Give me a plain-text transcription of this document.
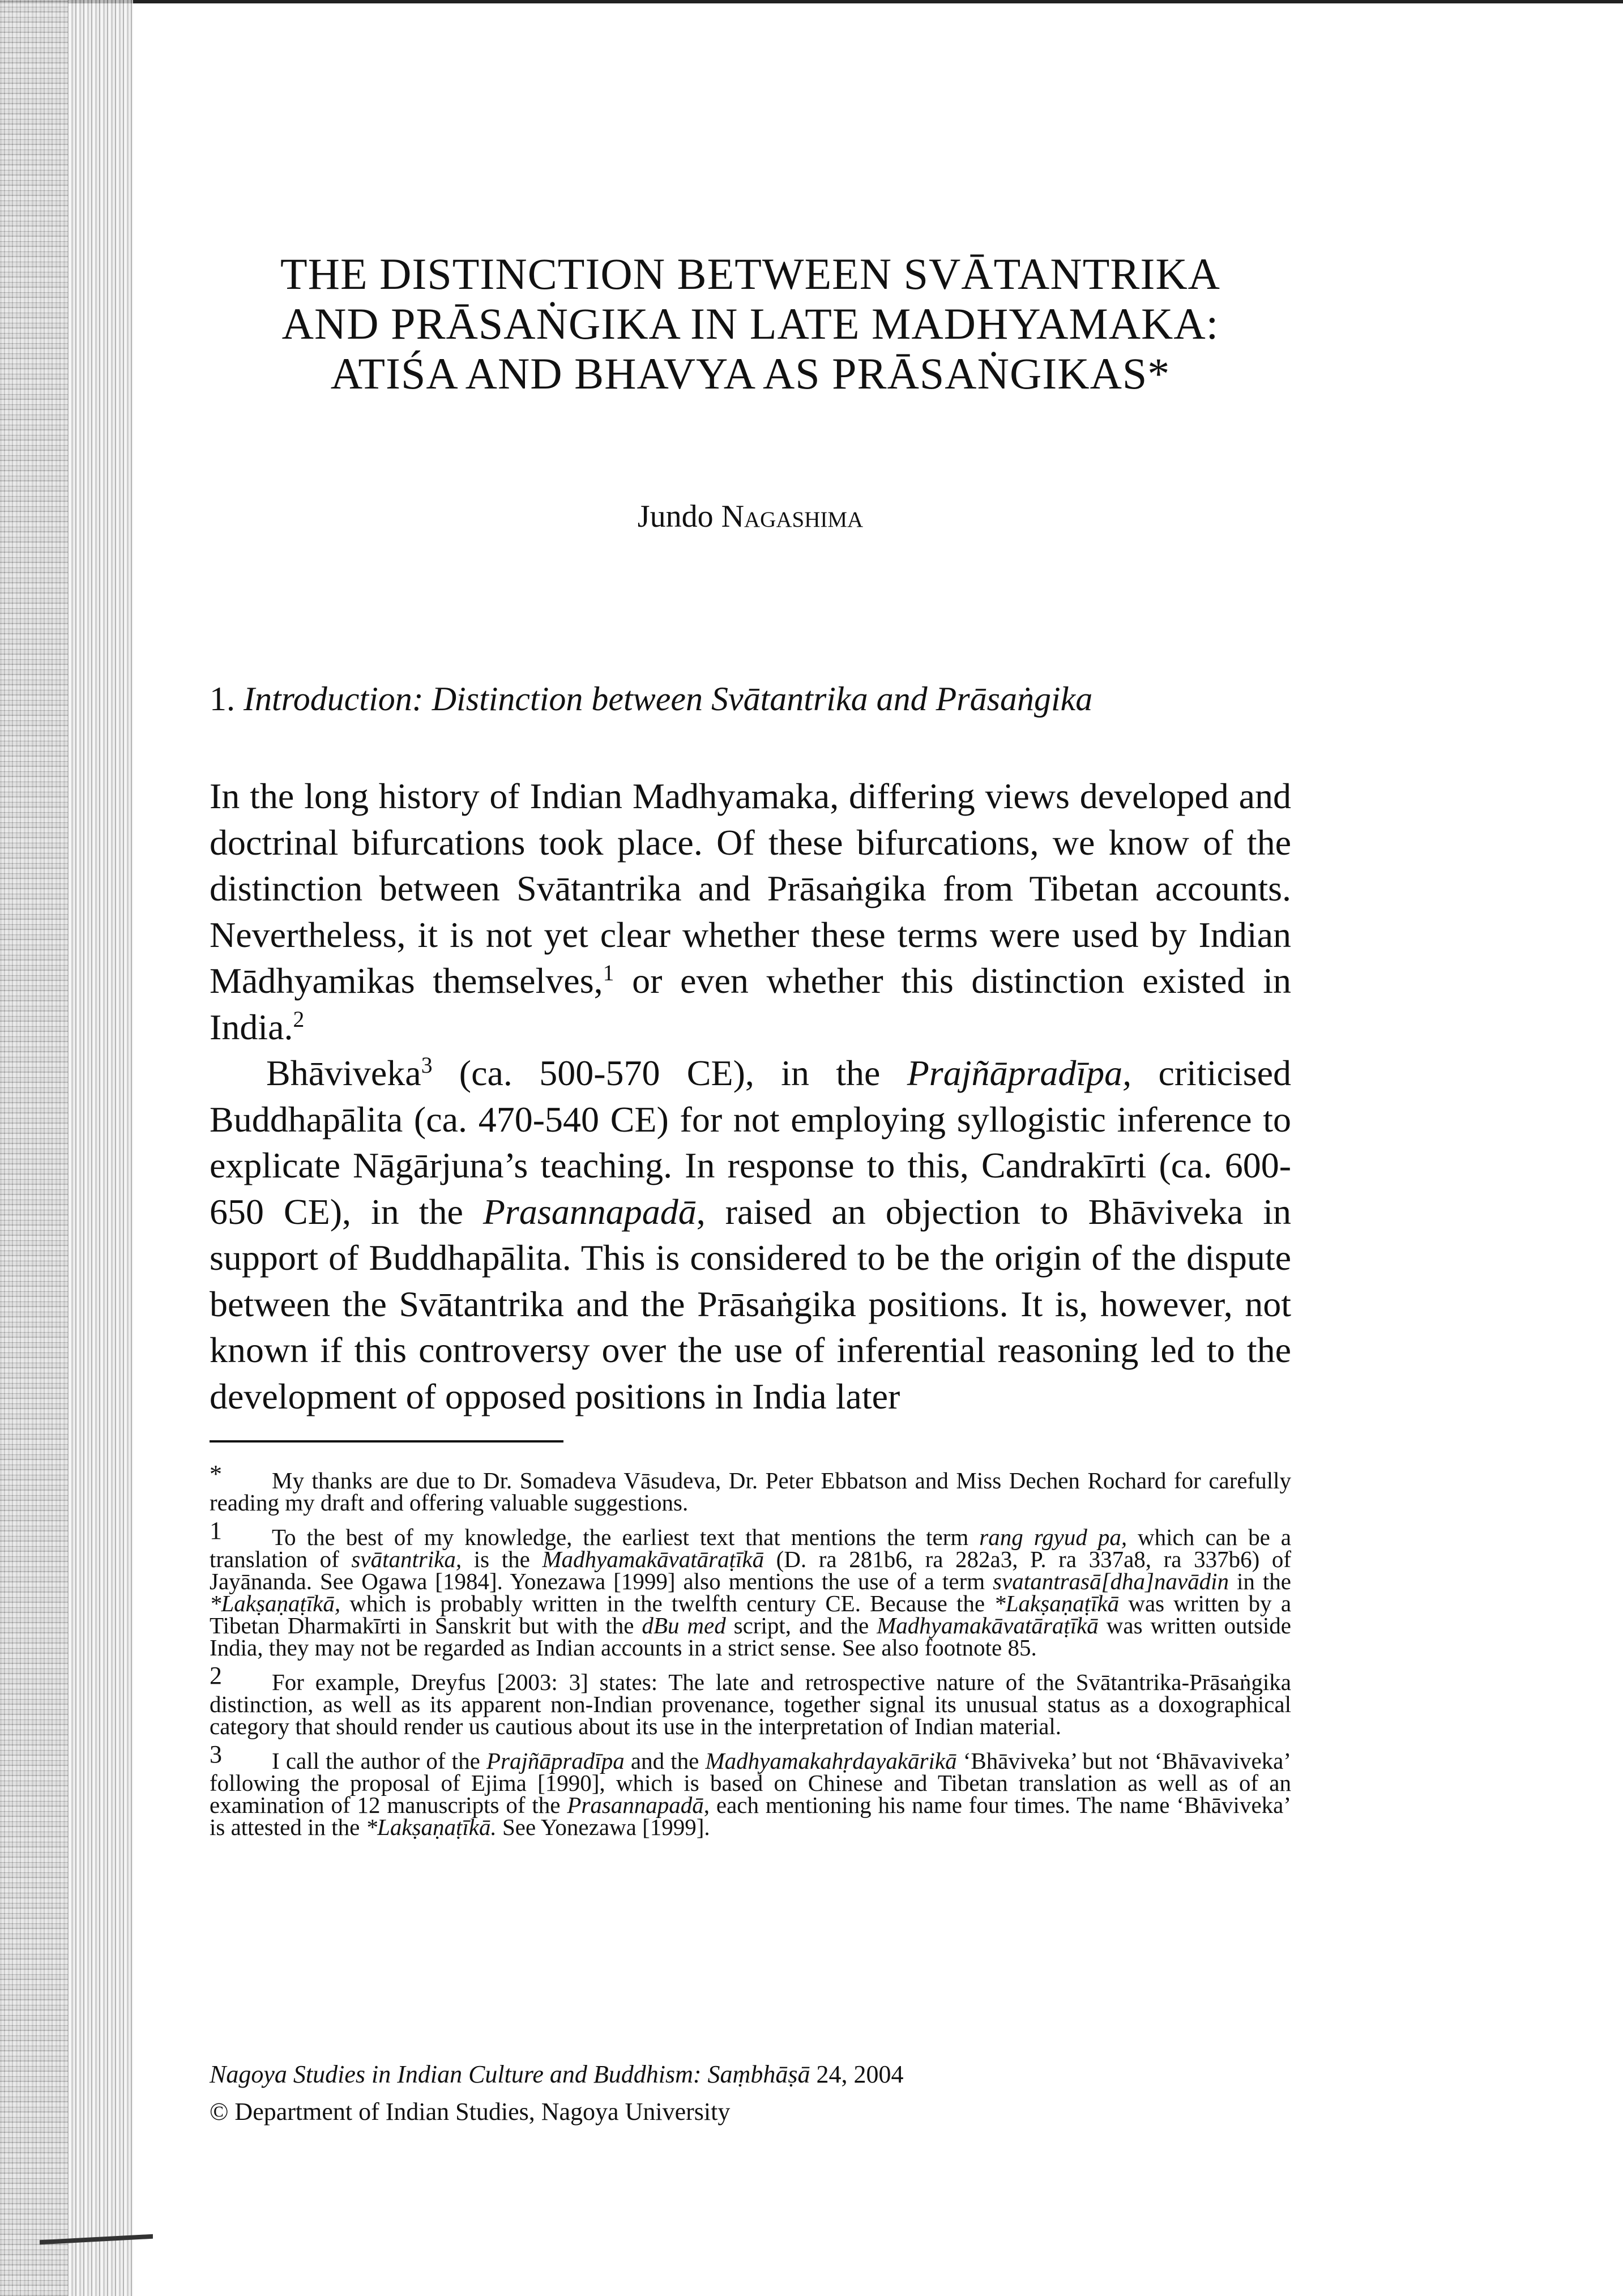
THE DISTINCTION BETWEEN SVĀTANTRIKA
AND PRĀSAṄGIKA IN LATE MADHYAMAKA:
ATIŚA AND BHAVYA AS PRĀSAṄGIKAS*
Jundo Nagashima
1. Introduction: Distinction between Svātantrika and Prāsaṅgika

In the long history of Indian Madhyamaka, differing views developed and doctrinal bifurcations took place. Of these bifurcations, we know of the distinction between Svātantrika and Prāsaṅgika from Tibetan accounts. Nevertheless, it is not yet clear whether these terms were used by Indian Mādhyamikas themselves,$^1$ or even whether this distinction existed in India.$^2$

Bhāviveka$^3$ (ca. 500-570 CE), in the Prajñāpradīpa, criticised Buddhapālita (ca. 470-540 CE) for not employing syllogistic inference to explicate Nāgārjuna’s teaching. In response to this, Candrakīrti (ca. 600-650 CE), in the Prasannapadā, raised an objection to Bhāviveka in support of Buddhapālita. This is considered to be the origin of the dispute between the Svātantrika and the Prāsaṅgika positions. It is, however, not known if this controversy over the use of inferential reasoning led to the development of opposed positions in India later

*	My thanks are due to Dr. Somadeva Vāsudeva, Dr. Peter Ebbatson and Miss Dechen Rochard for carefully reading my draft and offering valuable suggestions.
1	To the best of my knowledge, the earliest text that mentions the term rang rgyud pa, which can be a translation of svātantrika, is the Madhyamakāvatāraṭīkā (D. ra 281b6, ra 282a3, P. ra 337a8, ra 337b6) of Jayānanda. See Ogawa [1984]. Yonezawa [1999] also mentions the use of a term svatantrasā[dha]navādin in the *Lakṣaṇaṭīkā, which is probably written in the twelfth century CE. Because the *Lakṣaṇaṭīkā was written by a Tibetan Dharmakīrti in Sanskrit but with the dBu med script, and the Madhyamakāvatāraṭīkā was written outside India, they may not be regarded as Indian accounts in a strict sense. See also footnote 85.
2	For example, Dreyfus [2003: 3] states: The late and retrospective nature of the Svātantrika-Prāsaṅgika distinction, as well as its apparent non-Indian provenance, together signal its unusual status as a doxographical category that should render us cautious about its use in the interpretation of Indian material.
3	I call the author of the Prajñāpradīpa and the Madhyamakahṛdayakārikā ‘Bhāviveka’ but not ‘Bhāvaviveka’ following the proposal of Ejima [1990], which is based on Chinese and Tibetan translation as well as of an examination of 12 manuscripts of the Prasannapadā, each mentioning his name four times. The name ‘Bhāviveka’ is attested in the *Lakṣaṇaṭīkā. See Yonezawa [1999].
Nagoya Studies in Indian Culture and Buddhism: Saṃbhāṣā 24, 2004
© Department of Indian Studies, Nagoya University
